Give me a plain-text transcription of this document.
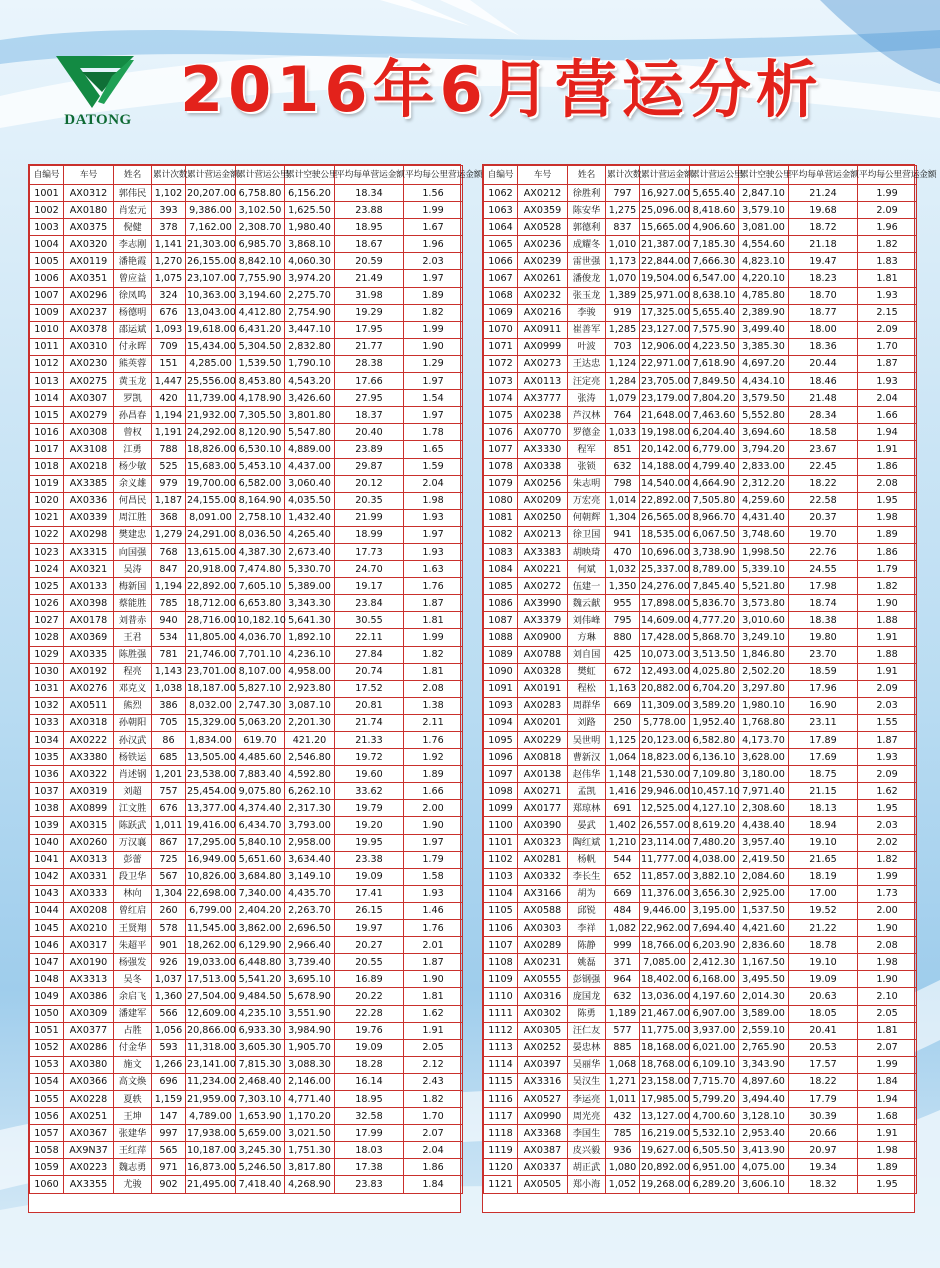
DATONG 2016年6月营运分析
自编号	车号	姓名	累计次数	累计营运金额	累计营运公里	累计空驶公里	平均每单营运金额	平均每公里营运金额
1001	AX0312	郭伟民	1,102	20,207.00	6,758.80	6,156.20	18.34	1.56
1002	AX0180	肖宏元	393	9,386.00	3,102.50	1,625.50	23.88	1.99
1003	AX0375	倪健	378	7,162.00	2,308.70	1,980.40	18.95	1.67
1004	AX0320	李志刚	1,141	21,303.00	6,985.70	3,868.10	18.67	1.96
1005	AX0119	潘艳霞	1,270	26,155.00	8,842.10	4,060.30	20.59	2.03
1006	AX0351	曾应益	1,075	23,107.00	7,755.90	3,974.20	21.49	1.97
1007	AX0296	徐凤鸣	324	10,363.00	3,194.60	2,275.70	31.98	1.89
1009	AX0237	杨德明	676	13,043.00	4,412.80	2,754.90	19.29	1.82
1010	AX0378	邵运斌	1,093	19,618.00	6,431.20	3,447.10	17.95	1.99
1011	AX0310	付永晖	709	15,434.00	5,304.50	2,832.80	21.77	1.90
1012	AX0230	熊英蓉	151	4,285.00	1,539.50	1,790.10	28.38	1.29
1013	AX0275	黄玉龙	1,447	25,556.00	8,453.80	4,543.20	17.66	1.97
1014	AX0307	罗凯	420	11,739.00	4,178.90	3,426.60	27.95	1.54
1015	AX0279	孙昌春	1,194	21,932.00	7,305.50	3,801.80	18.37	1.97
1016	AX0308	曾权	1,191	24,292.00	8,120.90	5,547.80	20.40	1.78
1017	AX3108	江勇	788	18,826.00	6,530.10	4,889.00	23.89	1.65
1018	AX0218	杨少敏	525	15,683.00	5,453.10	4,437.00	29.87	1.59
1019	AX3385	余义雄	979	19,700.00	6,582.00	3,060.40	20.12	2.04
1020	AX0336	何昌民	1,187	24,155.00	8,164.90	4,035.50	20.35	1.98
1021	AX0339	周江胜	368	8,091.00	2,758.10	1,432.40	21.99	1.93
1022	AX0298	樊建忠	1,279	24,291.00	8,036.50	4,265.40	18.99	1.97
1023	AX3315	向国强	768	13,615.00	4,387.30	2,673.40	17.73	1.93
1024	AX0321	吴涛	847	20,918.00	7,474.80	5,330.70	24.70	1.63
1025	AX0133	梅新国	1,194	22,892.00	7,605.10	5,389.00	19.17	1.76
1026	AX0398	蔡能胜	785	18,712.00	6,653.80	3,343.30	23.84	1.87
1027	AX0178	刘普赤	940	28,716.00	10,182.10	5,641.30	30.55	1.81
1028	AX0369	王君	534	11,805.00	4,036.70	1,892.10	22.11	1.99
1029	AX0335	陈胜强	781	21,746.00	7,701.10	4,236.10	27.84	1.82
1030	AX0192	程亮	1,143	23,701.00	8,107.00	4,958.00	20.74	1.81
1031	AX0276	邓克义	1,038	18,187.00	5,827.10	2,923.80	17.52	2.08
1032	AX0511	熊烈	386	8,032.00	2,747.30	3,087.10	20.81	1.38
1033	AX0318	孙朝阳	705	15,329.00	5,063.20	2,201.30	21.74	2.11
1034	AX0222	孙汉武	86	1,834.00	619.70	421.20	21.33	1.76
1035	AX3380	杨铁运	685	13,505.00	4,485.60	2,546.80	19.72	1.92
1036	AX0322	肖述钢	1,201	23,538.00	7,883.40	4,592.80	19.60	1.89
1037	AX0319	刘超	757	25,454.00	9,075.80	6,262.10	33.62	1.66
1038	AX0899	江文胜	676	13,377.00	4,374.40	2,317.30	19.79	2.00
1039	AX0315	陈跃武	1,011	19,416.00	6,434.70	3,793.00	19.20	1.90
1040	AX0260	万汉襄	867	17,295.00	5,840.10	2,958.00	19.95	1.97
1041	AX0313	彭蕾	725	16,949.00	5,651.60	3,634.40	23.38	1.79
1042	AX0331	段卫华	567	10,826.00	3,684.80	3,149.10	19.09	1.58
1043	AX0333	林向	1,304	22,698.00	7,340.00	4,435.70	17.41	1.93
1044	AX0208	曾红启	260	6,799.00	2,404.20	2,263.70	26.15	1.46
1045	AX0210	王贤翔	578	11,545.00	3,862.00	2,696.50	19.97	1.76
1046	AX0317	朱超平	901	18,262.00	6,129.90	2,966.40	20.27	2.01
1047	AX0190	杨强发	926	19,033.00	6,448.80	3,739.40	20.55	1.87
1048	AX3313	吴冬	1,037	17,513.00	5,541.20	3,695.10	16.89	1.90
1049	AX0386	余启飞	1,360	27,504.00	9,484.50	5,678.90	20.22	1.81
1050	AX0309	潘建军	566	12,609.00	4,235.10	3,551.90	22.28	1.62
1051	AX0377	占胜	1,056	20,866.00	6,933.30	3,984.90	19.76	1.91
1052	AX0286	付金华	593	11,318.00	3,605.30	1,905.70	19.09	2.05
1053	AX0380	施文	1,266	23,141.00	7,815.30	3,088.30	18.28	2.12
1054	AX0366	高文焕	696	11,234.00	2,468.40	2,146.00	16.14	2.43
1055	AX0228	夏轶	1,159	21,959.00	7,303.10	4,771.40	18.95	1.82
1056	AX0251	王坤	147	4,789.00	1,653.90	1,170.20	32.58	1.70
1057	AX0367	张建华	997	17,938.00	5,659.00	3,021.50	17.99	2.07
1058	AX9N37	王红萍	565	10,187.00	3,245.30	1,751.30	18.03	2.04
1059	AX0223	魏志勇	971	16,873.00	5,246.50	3,817.80	17.38	1.86
1060	AX3355	尤骏	902	21,495.00	7,418.40	4,268.90	23.83	1.84
自编号	车号	姓名	累计次数	累计营运金额	累计营运公里	累计空驶公里	平均每单营运金额	平均每公里营运金额
1062	AX0212	徐胜利	797	16,927.00	5,655.40	2,847.10	21.24	1.99
1063	AX0359	陈安华	1,275	25,096.00	8,418.60	3,579.10	19.68	2.09
1064	AX0528	郭德利	837	15,665.00	4,906.60	3,081.00	18.72	1.96
1065	AX0236	成耀冬	1,010	21,387.00	7,185.30	4,554.60	21.18	1.82
1066	AX0239	雷世强	1,173	22,844.00	7,666.30	4,823.10	19.47	1.83
1067	AX0261	潘俊龙	1,070	19,504.00	6,547.00	4,220.10	18.23	1.81
1068	AX0232	张玉龙	1,389	25,971.00	8,638.10	4,785.80	18.70	1.93
1069	AX0216	李骏	919	17,325.00	5,655.40	2,389.90	18.77	2.15
1070	AX0911	崔善军	1,285	23,127.00	7,575.90	3,499.40	18.00	2.09
1071	AX0999	叶波	703	12,906.00	4,223.50	3,385.30	18.36	1.70
1072	AX0273	王达忠	1,124	22,971.00	7,618.90	4,697.20	20.44	1.87
1073	AX0113	汪定亮	1,284	23,705.00	7,849.50	4,434.10	18.46	1.93
1074	AX3777	张涛	1,079	23,179.00	7,804.20	3,579.50	21.48	2.04
1075	AX0238	芦汉林	764	21,648.00	7,463.60	5,552.80	28.34	1.66
1076	AX0770	罗德金	1,033	19,198.00	6,204.40	3,694.60	18.58	1.94
1077	AX3330	程军	851	20,142.00	6,779.00	3,794.20	23.67	1.91
1078	AX0338	张锁	632	14,188.00	4,799.40	2,833.00	22.45	1.86
1079	AX0256	朱志明	798	14,540.00	4,664.90	2,312.20	18.22	2.08
1080	AX0209	万宏亮	1,014	22,892.00	7,505.80	4,259.60	22.58	1.95
1081	AX0250	何朝辉	1,304	26,565.00	8,966.70	4,431.40	20.37	1.98
1082	AX0213	徐卫国	941	18,535.00	6,067.50	3,748.60	19.70	1.89
1083	AX3383	胡映琦	470	10,696.00	3,738.90	1,998.50	22.76	1.86
1084	AX0221	何斌	1,032	25,337.00	8,789.00	5,339.10	24.55	1.79
1085	AX0272	伍建一	1,350	24,276.00	7,845.40	5,521.80	17.98	1.82
1086	AX3990	魏云献	955	17,898.00	5,836.70	3,573.80	18.74	1.90
1087	AX3379	刘伟峰	795	14,609.00	4,777.20	3,010.60	18.38	1.88
1088	AX0900	方琳	880	17,428.00	5,868.70	3,249.10	19.80	1.91
1089	AX0788	刘自国	425	10,073.00	3,513.50	1,846.80	23.70	1.88
1090	AX0328	樊虹	672	12,493.00	4,025.80	2,502.20	18.59	1.91
1091	AX0191	程松	1,163	20,882.00	6,704.20	3,297.80	17.96	2.09
1093	AX0283	周群华	669	11,309.00	3,589.20	1,980.10	16.90	2.03
1094	AX0201	刘路	250	5,778.00	1,952.40	1,768.80	23.11	1.55
1095	AX0229	吴世明	1,125	20,123.00	6,582.80	4,173.70	17.89	1.87
1096	AX0818	曹新汉	1,064	18,823.00	6,136.10	3,628.00	17.69	1.93
1097	AX0138	赵伟华	1,148	21,530.00	7,109.80	3,180.00	18.75	2.09
1098	AX0271	孟凯	1,416	29,946.00	10,457.10	7,971.40	21.15	1.62
1099	AX0177	郑琼林	691	12,525.00	4,127.10	2,308.60	18.13	1.95
1100	AX0390	晏武	1,402	26,557.00	8,619.20	4,438.40	18.94	2.03
1101	AX0323	陶红斌	1,210	23,114.00	7,480.20	3,957.40	19.10	2.02
1102	AX0281	杨帆	544	11,777.00	4,038.00	2,419.50	21.65	1.82
1103	AX0332	李长生	652	11,857.00	3,882.10	2,084.60	18.19	1.99
1104	AX3166	胡为	669	11,376.00	3,656.30	2,925.00	17.00	1.73
1105	AX0588	邱锐	484	9,446.00	3,195.00	1,537.50	19.52	2.00
1106	AX0303	李祥	1,082	22,962.00	7,694.40	4,421.60	21.22	1.90
1107	AX0289	陈静	999	18,766.00	6,203.90	2,836.60	18.78	2.08
1108	AX0231	姚磊	371	7,085.00	2,412.30	1,167.50	19.10	1.98
1109	AX0555	彭钢强	964	18,402.00	6,168.00	3,495.50	19.09	1.90
1110	AX0316	庞国龙	632	13,036.00	4,197.60	2,014.30	20.63	2.10
1111	AX0302	陈勇	1,189	21,467.00	6,907.00	3,589.00	18.05	2.05
1112	AX0305	汪仁友	577	11,775.00	3,937.00	2,559.10	20.41	1.81
1113	AX0252	晏忠林	885	18,168.00	6,021.00	2,765.90	20.53	2.07
1114	AX0397	吴丽华	1,068	18,768.00	6,109.10	3,343.90	17.57	1.99
1115	AX3316	吴汉生	1,271	23,158.00	7,715.70	4,897.60	18.22	1.84
1116	AX0527	李运亮	1,011	17,985.00	5,799.20	3,494.40	17.79	1.94
1117	AX0990	周光亮	432	13,127.00	4,700.60	3,128.10	30.39	1.68
1118	AX3368	李国生	785	16,219.00	5,532.10	2,953.40	20.66	1.91
1119	AX0387	皮兴毅	936	19,627.00	6,505.50	3,413.90	20.97	1.98
1120	AX0337	胡正武	1,080	20,892.00	6,951.00	4,075.00	19.34	1.89
1121	AX0505	郑小海	1,052	19,268.00	6,289.20	3,606.10	18.32	1.95
